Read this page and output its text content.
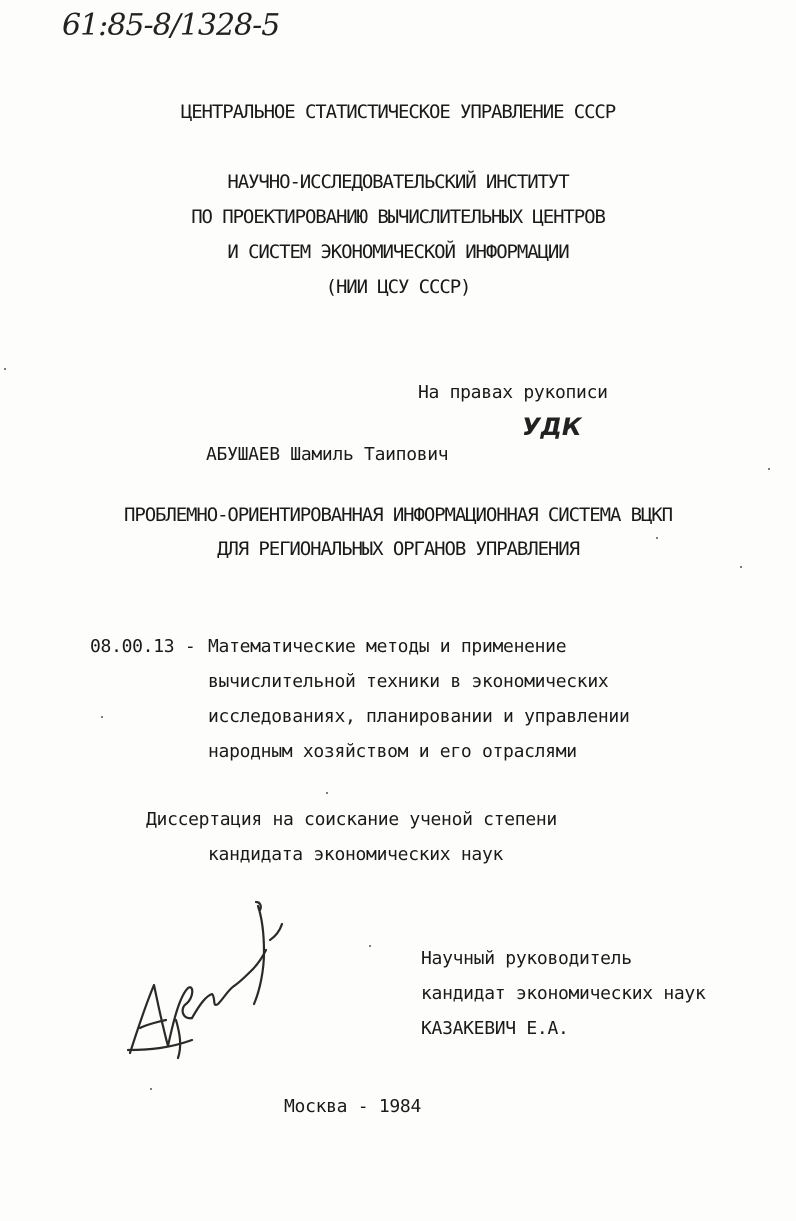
61:85-8/1328-5
ЦЕНТРАЛЬНОЕ СТАТИСТИЧЕСКОЕ УПРАВЛЕНИЕ СССР
НАУЧНО-ИССЛЕДОВАТЕЛЬСКИЙ ИНСТИТУТ
ПО ПРОЕКТИРОВАНИЮ ВЫЧИСЛИТЕЛЬНЫХ ЦЕНТРОВ
И СИСТЕМ ЭКОНОМИЧЕСКОЙ ИНФОРМАЦИИ
(НИИ ЦСУ СССР)
На правах рукописи
УДК
АБУШАЕВ Шамиль Таипович
ПРОБЛЕМНО-ОРИЕНТИРОВАННАЯ ИНФОРМАЦИОННАЯ СИСТЕМА ВЦКП
ДЛЯ РЕГИОНАЛЬНЫХ ОРГАНОВ УПРАВЛЕНИЯ
08.00.13 - Математические методы и применение
вычислительной техники в экономических
исследованиях, планировании и управлении
народным хозяйством и его отраслями
Диссертация на соискание ученой степени
кандидата экономических наук
Научный руководитель
кандидат экономических наук
КАЗАКЕВИЧ Е.А.
Москва - 1984
